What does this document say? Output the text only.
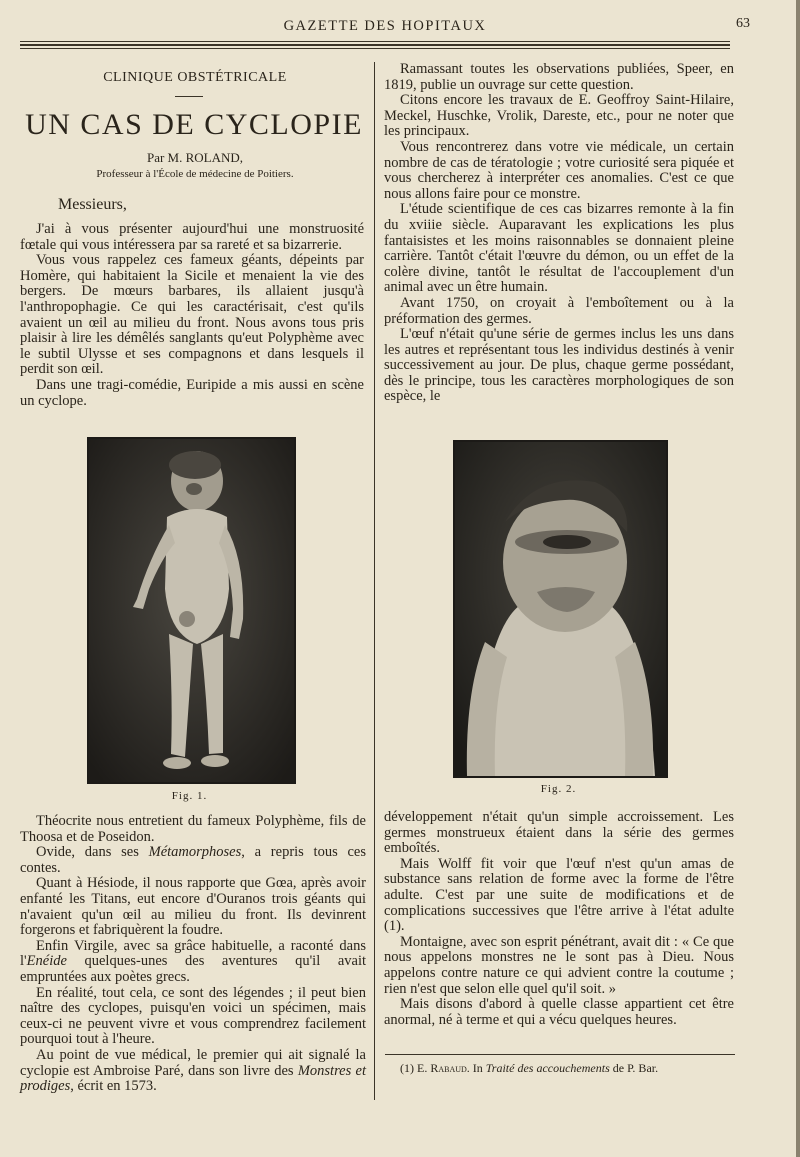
GAZETTE DES HOPITAUX	63
CLINIQUE OBSTÉTRICALE
UN CAS DE CYCLOPIE
Par M. ROLAND,
Professeur à l'École de médecine de Poitiers.
Messieurs,

J'ai à vous présenter aujourd'hui une monstruosité fœtale qui vous intéressera par sa rareté et sa bizarrerie.

Vous vous rappelez ces fameux géants, dépeints par Homère, qui habitaient la Sicile et menaient la vie des bergers. De mœurs barbares, ils allaient jusqu'à l'anthropophagie. Ce qui les caractérisait, c'est qu'ils avaient un œil au milieu du front. Nous avons tous pris plaisir à lire les démêlés sanglants qu'eut Polyphème avec le subtil Ulysse et ses compagnons et dans lesquels il perdit son œil.

Dans une tragi-comédie, Euripide a mis aussi en scène un cyclope.

Ramassant toutes les observations publiées, Speer, en 1819, publie un ouvrage sur cette question.

Citons encore les travaux de E. Geoffroy Saint-Hilaire, Meckel, Huschke, Vrolik, Dareste, etc., pour ne noter que les principaux.

Vous rencontrerez dans votre vie médicale, un certain nombre de cas de tératologie ; votre curiosité sera piquée et vous chercherez à interpréter ces anomalies. C'est ce que nous allons faire pour ce monstre.

L'étude scientifique de ces cas bizarres remonte à la fin du xviiie siècle. Auparavant les explications les plus fantaisistes et les moins raisonnables se donnaient pleine carrière. Tantôt c'était l'œuvre du démon, ou un effet de la colère divine, tantôt le résultat de l'accouplement d'un animal avec un être humain.

Avant 1750, on croyait à l'emboîtement ou à la préformation des germes.

L'œuf n'était qu'une série de germes inclus les uns dans les autres et représentant tous les individus destinés à venir successivement au jour. De plus, chaque germe possédant, dès le principe, tous les caractères morphologiques de son espèce, le

Fig. 1.
Fig. 2.

Théocrite nous entretient du fameux Polyphème, fils de Thoosa et de Poseidon.

Ovide, dans ses Métamorphoses, a repris tous ces contes.

Quant à Hésiode, il nous rapporte que Gœa, après avoir enfanté les Titans, eut encore d'Ouranos trois géants qui n'avaient qu'un œil au milieu du front. Ils devinrent forgerons et fabriquèrent la foudre.

Enfin Virgile, avec sa grâce habituelle, a raconté dans l'Enéide quelques-unes des aventures qu'il avait empruntées aux poètes grecs.

En réalité, tout cela, ce sont des légendes ; il peut bien naître des cyclopes, puisqu'en voici un spécimen, mais ceux-ci ne peuvent vivre et vous comprendrez facilement pourquoi tout à l'heure.

Au point de vue médical, le premier qui ait signalé la cyclopie est Ambroise Paré, dans son livre des Monstres et prodiges, écrit en 1573.

développement n'était qu'un simple accroissement. Les germes monstrueux étaient dans la série des germes emboîtés.

Mais Wolff fit voir que l'œuf n'est qu'un amas de substance sans relation de forme avec la forme de l'être adulte. C'est par une suite de modifications et de complications successives que l'être arrive à l'état adulte (1).

Montaigne, avec son esprit pénétrant, avait dit : « Ce que nous appelons monstres ne le sont pas à Dieu. Nous appelons contre nature ce qui advient contre la coutume ; rien n'est que selon elle quel qu'il soit. »

Mais disons d'abord à quelle classe appartient cet être anormal, né à terme et qui a vécu quelques heures.

(1) E. Rabaud. In Traité des accouchements de P. Bar.
